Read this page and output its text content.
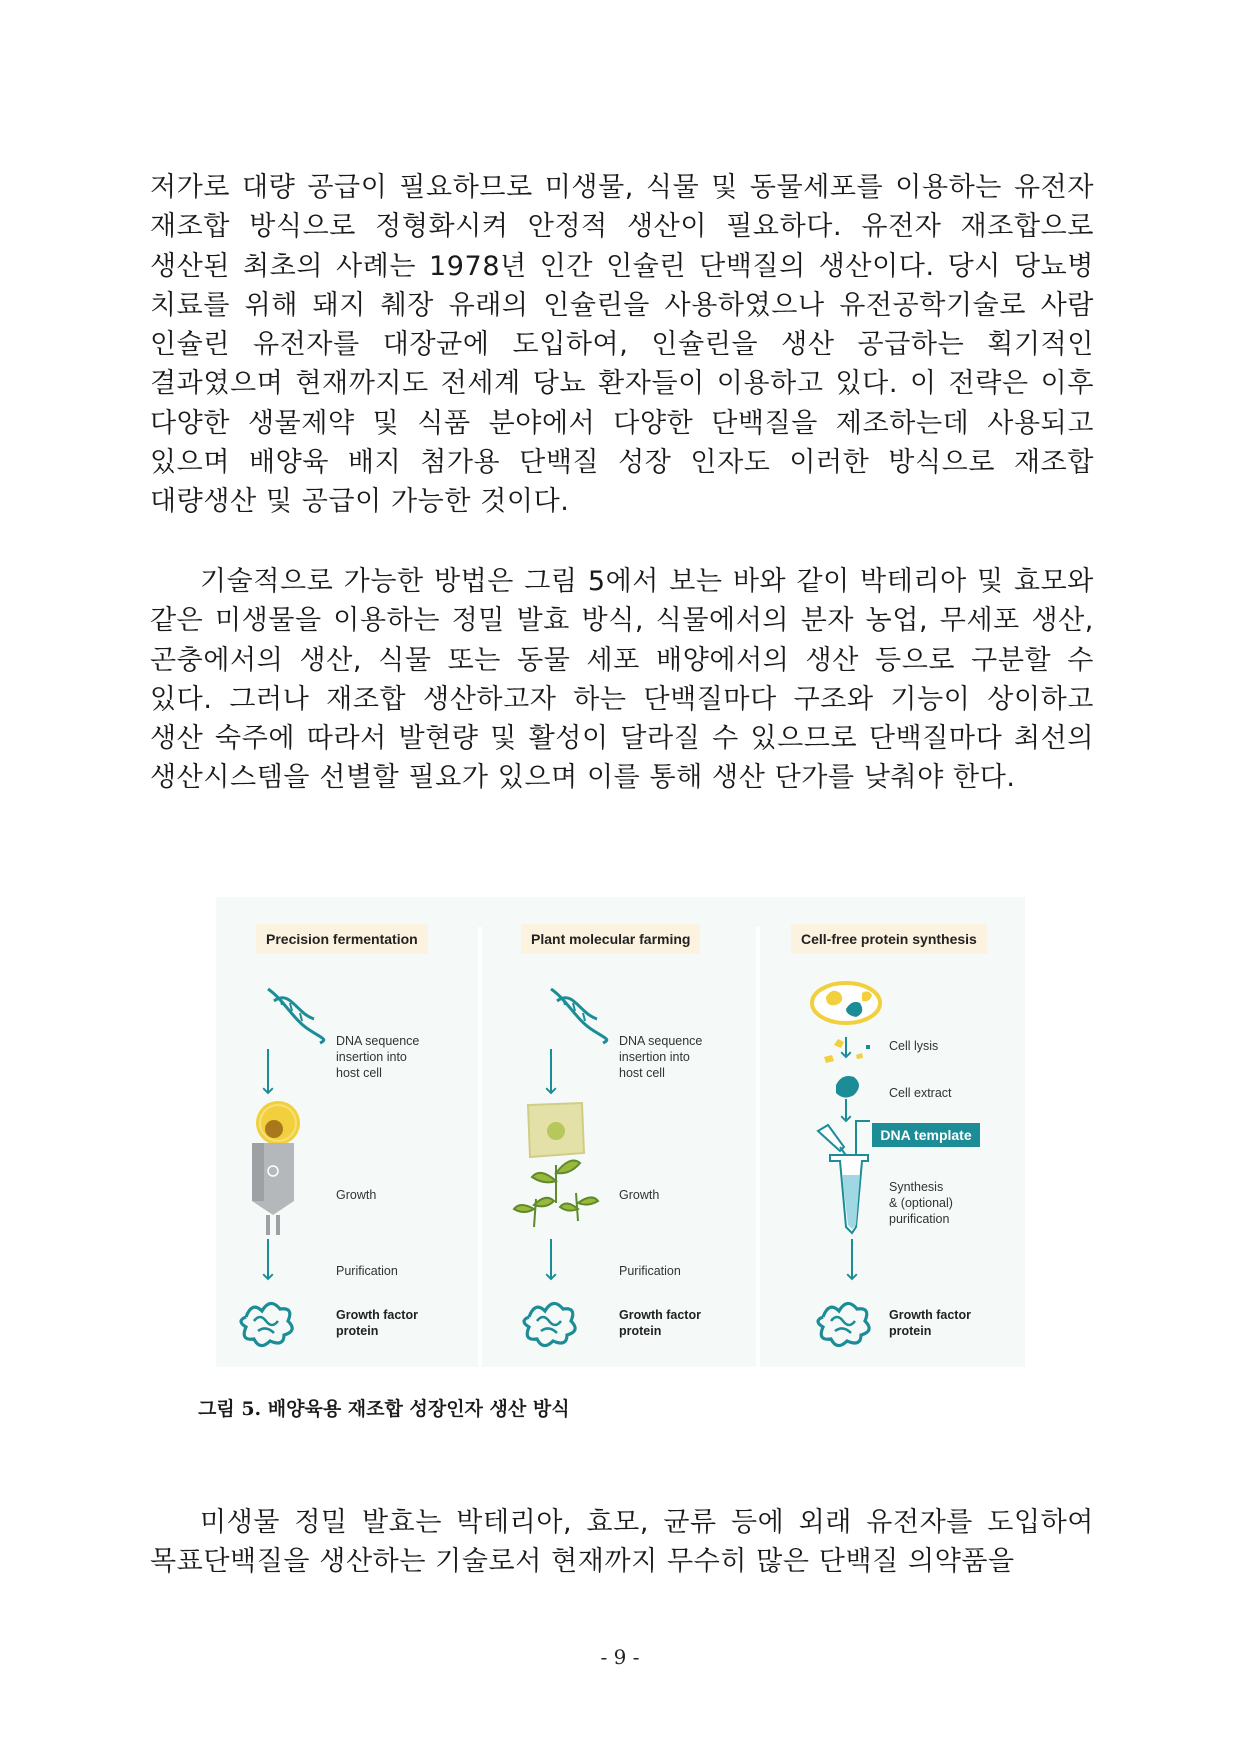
저가로 대량 공급이 필요하므로 미생물, 식물 및 동물세포를 이용하는 유전자 재조합 방식으로 정형화시켜 안정적 생산이 필요하다. 유전자 재조합으로 생산된 최초의 사례는 1978년 인간 인슐린 단백질의 생산이다. 당시 당뇨병 치료를 위해 돼지 췌장 유래의 인슐린을 사용하였으나 유전공학기술로 사람 인슐린 유전자를 대장균에 도입하여, 인슐린을 생산 공급하는 획기적인 결과였으며 현재까지도 전세계 당뇨 환자들이 이용하고 있다. 이 전략은 이후 다양한 생물제약 및 식품 분야에서 다양한 단백질을 제조하는데 사용되고 있으며 배양육 배지 첨가용 단백질 성장 인자도 이러한 방식으로 재조합 대량생산 및 공급이 가능한 것이다.

기술적으로 가능한 방법은 그림 5에서 보는 바와 같이 박테리아 및 효모와 같은 미생물을 이용하는 정밀 발효 방식, 식물에서의 분자 농업, 무세포 생산, 곤충에서의 생산, 식물 또는 동물 세포 배양에서의 생산 등으로 구분할 수 있다. 그러나 재조합 생산하고자 하는 단백질마다 구조와 기능이 상이하고 생산 숙주에 따라서 발현량 및 활성이 달라질 수 있으므로 단백질마다 최선의 생산시스템을 선별할 필요가 있으며 이를 통해 생산 단가를 낮춰야 한다.

Precision fermentation	Plant molecular farming	Cell-free protein synthesis
DNA sequence
insertion into
host cell
Growth
Purification
Growth factor
protein
DNA sequence
insertion into
host cell
Growth
Purification
Growth factor
protein
Cell lysis
Cell extract
DNA template
Synthesis
& (optional)
purification
Growth factor
protein
그림 5. 배양육용 재조합 성장인자 생산 방식

미생물 정밀 발효는 박테리아, 효모, 균류 등에 외래 유전자를 도입하여 목표단백질을 생산하는 기술로서 현재까지 무수히 많은 단백질 의약품을

- 9 -
